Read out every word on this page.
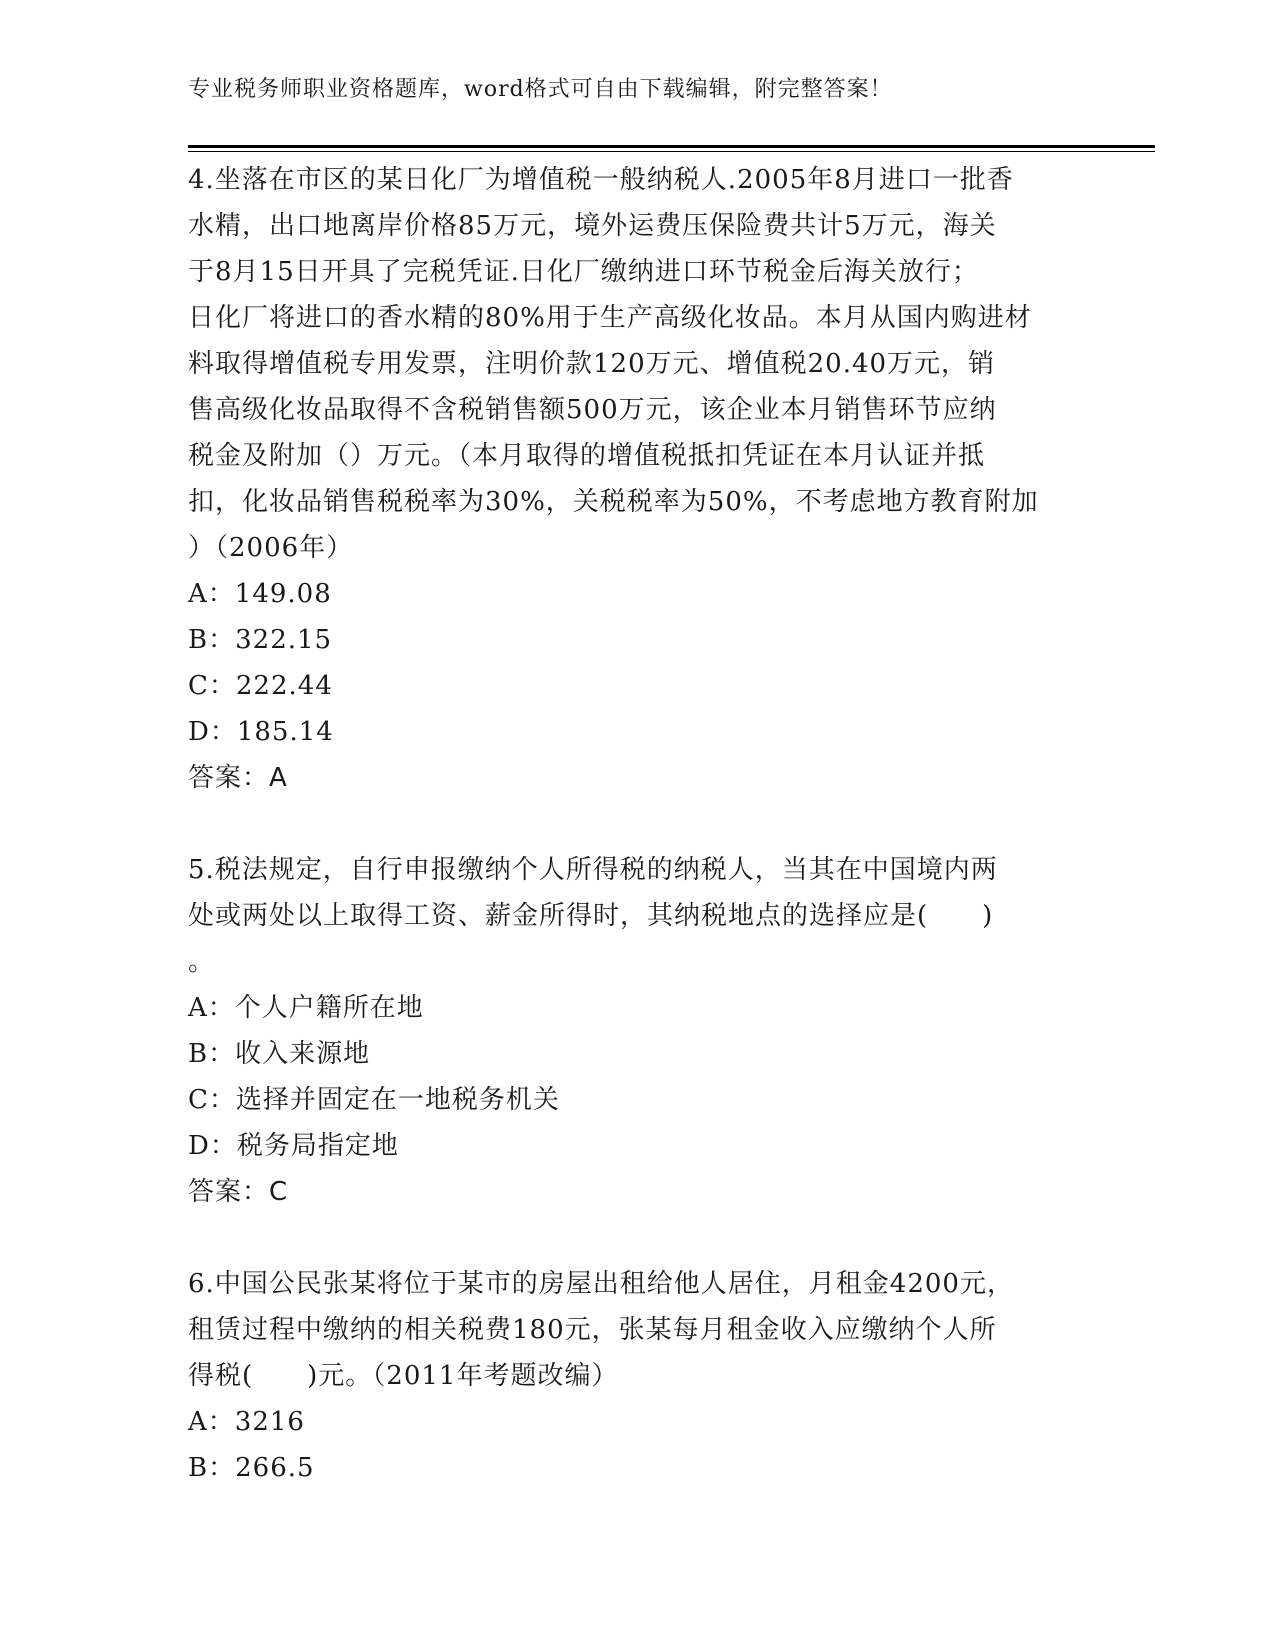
专业税务师职业资格题库，word格式可自由下载编辑，附完整答案！
4.坐落在市区的某日化厂为增值税一般纳税人.2005年8月进口一批香
水精，出口地离岸价格85万元，境外运费压保险费共计5万元，海关
于8月15日开具了完税凭证.日化厂缴纳进口环节税金后海关放行；
日化厂将进口的香水精的80%用于生产高级化妆品。本月从国内购进材
料取得增值税专用发票，注明价款120万元、增值税20.40万元，销
售高级化妆品取得不含税销售额500万元，该企业本月销售环节应纳
税金及附加（）万元。（本月取得的增值税抵扣凭证在本月认证并抵
扣，化妆品销售税税率为30%，关税税率为50%，不考虑地方教育附加
）（2006年）
A：149.08
B：322.15
C：222.44
D：185.14
答案：A
5.税法规定，自行申报缴纳个人所得税的纳税人，当其在中国境内两
处或两处以上取得工资、薪金所得时，其纳税地点的选择应是(　　)
。
A：个人户籍所在地
B：收入来源地
C：选择并固定在一地税务机关
D：税务局指定地
答案：C
6.中国公民张某将位于某市的房屋出租给他人居住，月租金4200元，
租赁过程中缴纳的相关税费180元，张某每月租金收入应缴纳个人所
得税(　　)元。（2011年考题改编）
A：3216
B：266.5
